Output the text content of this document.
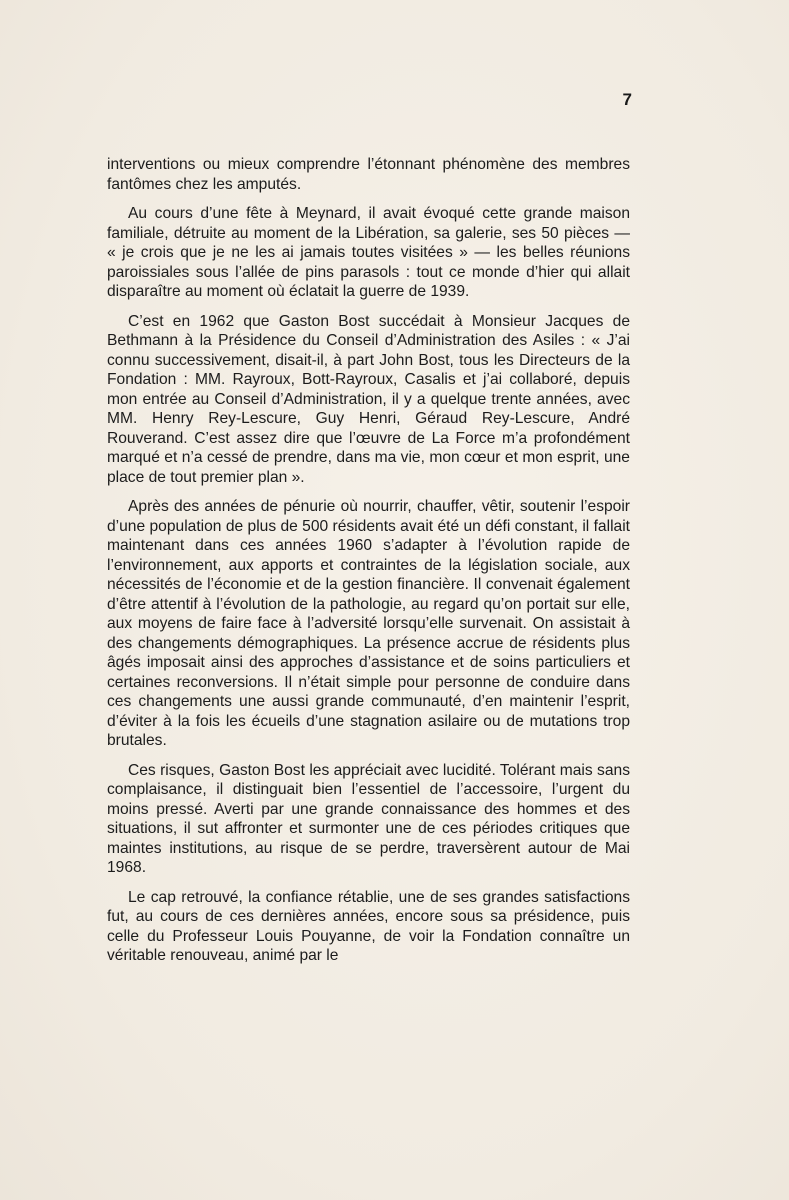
7

interventions ou mieux comprendre l’étonnant phénomène des membres fantômes chez les amputés.

Au cours d’une fête à Meynard, il avait évoqué cette grande maison familiale, détruite au moment de la Libération, sa galerie, ses 50 pièces — « je crois que je ne les ai jamais toutes visitées » — les belles réunions paroissiales sous l’allée de pins parasols : tout ce monde d’hier qui allait disparaître au moment où éclatait la guerre de 1939.

C’est en 1962 que Gaston Bost succédait à Monsieur Jacques de Bethmann à la Présidence du Conseil d’Administration des Asiles : « J’ai connu successivement, disait-il, à part John Bost, tous les Directeurs de la Fondation : MM. Rayroux, Bott-Rayroux, Casalis et j’ai collaboré, depuis mon entrée au Conseil d’Administration, il y a quelque trente années, avec MM. Henry Rey-Lescure, Guy Henri, Géraud Rey-Lescure, André Rouverand. C’est assez dire que l’œuvre de La Force m’a profondément marqué et n’a cessé de prendre, dans ma vie, mon cœur et mon esprit, une place de tout premier plan ».

Après des années de pénurie où nourrir, chauffer, vêtir, soutenir l’espoir d’une population de plus de 500 résidents avait été un défi constant, il fallait maintenant dans ces années 1960 s’adapter à l’évolution rapide de l’environnement, aux apports et contraintes de la législation sociale, aux nécessités de l’économie et de la gestion financière. Il convenait également d’être attentif à l’évolution de la pathologie, au regard qu’on portait sur elle, aux moyens de faire face à l’adversité lorsqu’elle survenait. On assistait à des changements démographiques. La présence accrue de résidents plus âgés imposait ainsi des approches d’assistance et de soins particuliers et certaines reconversions. Il n’était simple pour personne de conduire dans ces changements une aussi grande communauté, d’en maintenir l’esprit, d’éviter à la fois les écueils d’une stagnation asilaire ou de mutations trop brutales.

Ces risques, Gaston Bost les appréciait avec lucidité. Tolérant mais sans complaisance, il distinguait bien l’essentiel de l’accessoire, l’urgent du moins pressé. Averti par une grande connaissance des hommes et des situations, il sut affronter et surmonter une de ces périodes critiques que maintes institutions, au risque de se perdre, traversèrent autour de Mai 1968.

Le cap retrouvé, la confiance rétablie, une de ses grandes satisfactions fut, au cours de ces dernières années, encore sous sa présidence, puis celle du Professeur Louis Pouyanne, de voir la Fondation connaître un véritable renouveau, animé par le
